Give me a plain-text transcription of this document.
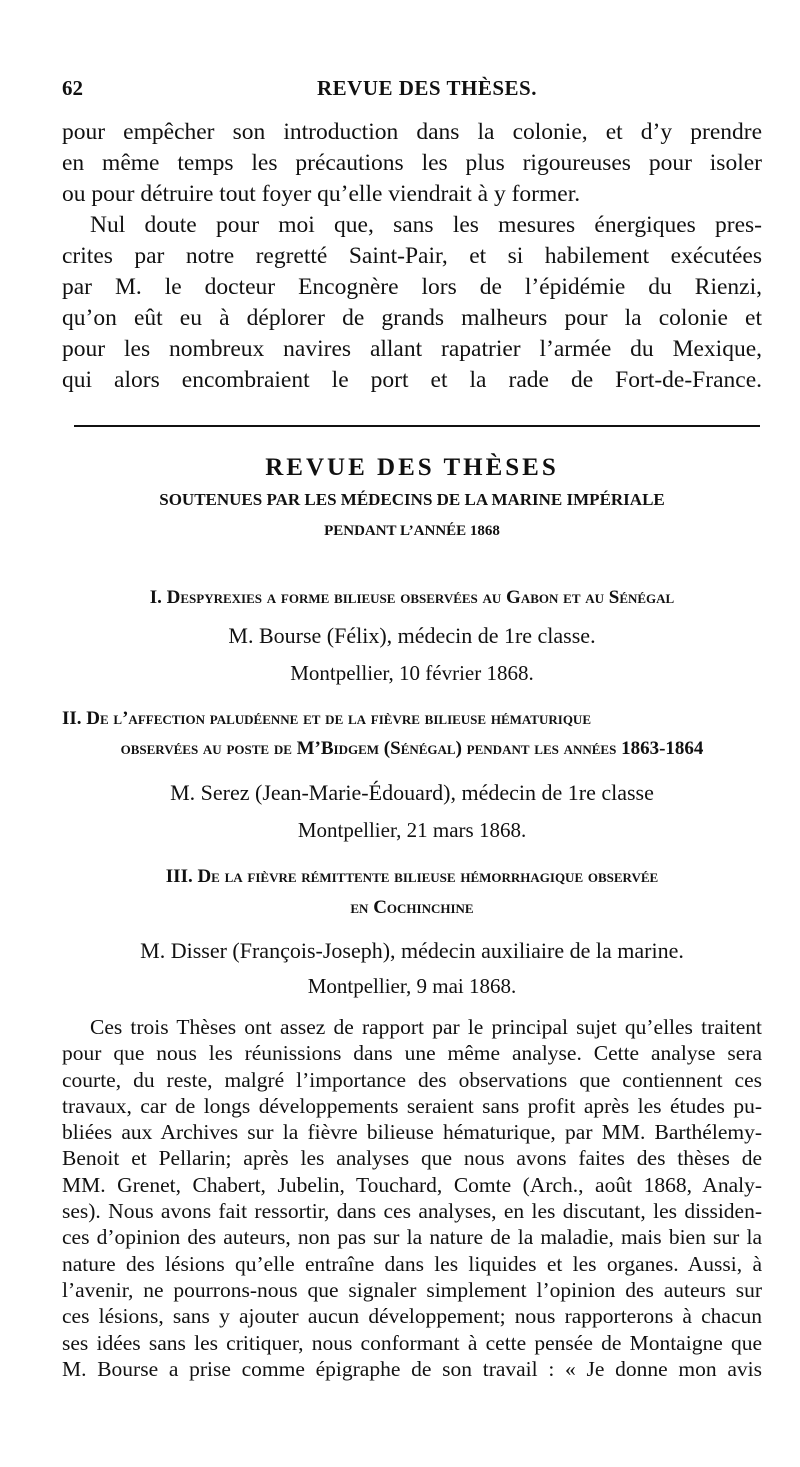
62	REVUE DES THÈSES.
pour empêcher son introduction dans la colonie, et d’y prendre
en même temps les précautions les plus rigoureuses pour isoler
ou pour détruire tout foyer qu’elle viendrait à y former.
Nul doute pour moi que, sans les mesures énergiques pres-
crites par notre regretté Saint-Pair, et si habilement exécutées
par M. le docteur Encognère lors de l’épidémie du Rienzi,
qu’on eût eu à déplorer de grands malheurs pour la colonie et
pour les nombreux navires allant rapatrier l’armée du Mexique,
qui alors encombraient le port et la rade de Fort-de-France.
REVUE DES THÈSES
SOUTENUES PAR LES MÉDECINS DE LA MARINE IMPÉRIALE
PENDANT L’ANNÉE 1868
I. Despyrexies a forme bilieuse observées au Gabon et au Sénégal
M. Bourse (Félix), médecin de 1re classe.
Montpellier, 10 février 1868.
II. De l’affection paludéenne et de la fièvre bilieuse hématurique
observées au poste de M’Bidgem (Sénégal) pendant les années 1863-1864
M. Serez (Jean-Marie-Édouard), médecin de 1re classe
Montpellier, 21 mars 1868.
III. De la fièvre rémittente bilieuse hémorrhagique observée
en Cochinchine
M. Disser (François-Joseph), médecin auxiliaire de la marine.
Montpellier, 9 mai 1868.
Ces trois Thèses ont assez de rapport par le principal sujet qu’elles traitent
pour que nous les réunissions dans une même analyse. Cette analyse sera
courte, du reste, malgré l’importance des observations que contiennent ces
travaux, car de longs développements seraient sans profit après les études pu-
bliées aux Archives sur la fièvre bilieuse hématurique, par MM. Barthélemy-
Benoit et Pellarin; après les analyses que nous avons faites des thèses de
MM. Grenet, Chabert, Jubelin, Touchard, Comte (Arch., août 1868, Analy-
ses). Nous avons fait ressortir, dans ces analyses, en les discutant, les dissiden-
ces d’opinion des auteurs, non pas sur la nature de la maladie, mais bien sur la
nature des lésions qu’elle entraîne dans les liquides et les organes. Aussi, à
l’avenir, ne pourrons-nous que signaler simplement l’opinion des auteurs sur
ces lésions, sans y ajouter aucun développement; nous rapporterons à chacun
ses idées sans les critiquer, nous conformant à cette pensée de Montaigne que
M. Bourse a prise comme épigraphe de son travail : « Je donne mon avis
